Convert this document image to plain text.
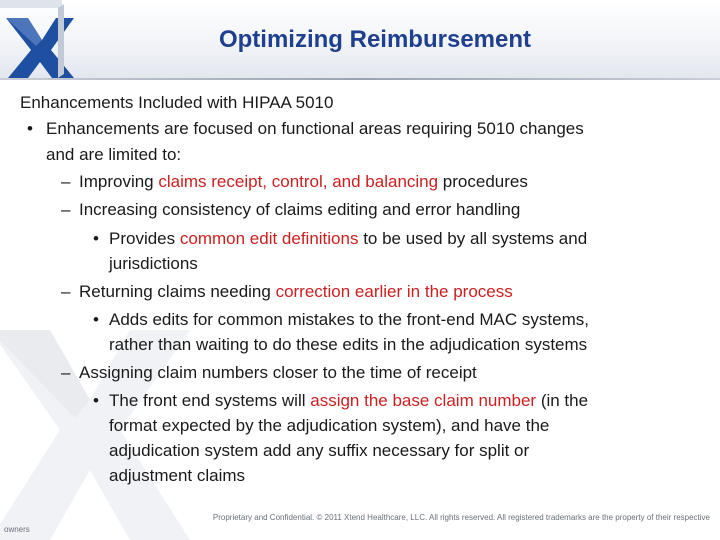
Optimizing Reimbursement
Enhancements Included with HIPAA 5010
• Enhancements are focused on functional areas requiring 5010 changes
and are limited to:
– Improving claims receipt, control, and balancing procedures
– Increasing consistency of claims editing and error handling
• Provides common edit definitions to be used by all systems and
jurisdictions
– Returning claims needing correction earlier in the process
• Adds edits for common mistakes to the front-end MAC systems,
rather than waiting to do these edits in the adjudication systems
– Assigning claim numbers closer to the time of receipt
• The front end systems will assign the base claim number (in the
format expected by the adjudication system), and have the
adjudication system add any suffix necessary for split or
adjustment claims
Proprietary and Confidential. © 2011 Xtend Healthcare, LLC. All rights reserved. All registered trademarks are the property of their respective
owners
